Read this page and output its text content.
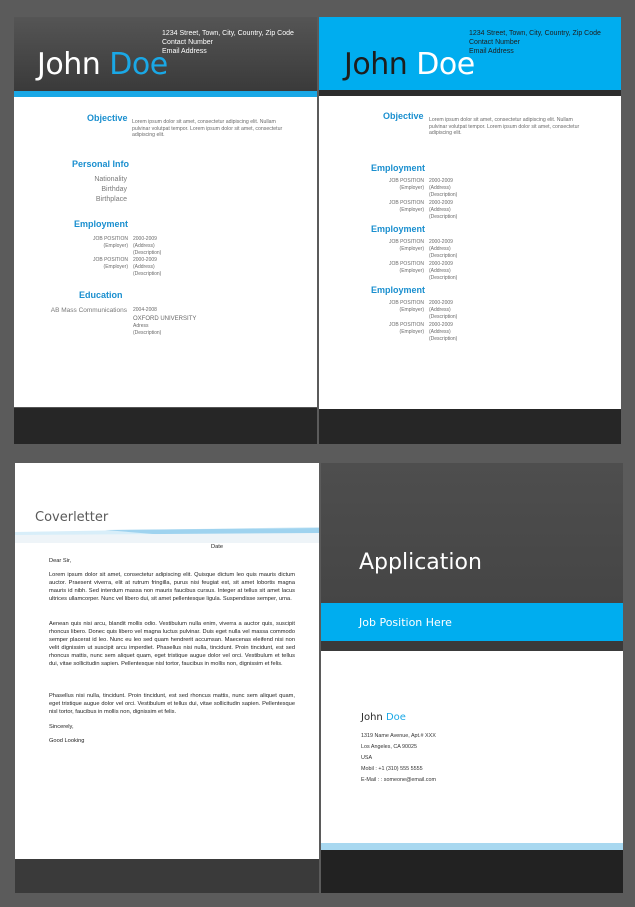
John Doe
1234 Street, Town, City, Country, Zip Code
Contact Number
Email Address
Objective Lorem ipsum dolor sit amet, consectetur adipiscing elit. Nullam pulvinar volutpat tempor. Lorem ipsum dolor sit amet, consectetur adipiscing elit.
Personal Info
Nationality
Birthday
Birthplace
Employment
JOB POSITION
(Employer)
2000-2009
(Address)
(Description)
JOB POSITION
(Employer)
2000-2009
(Address)
(Description)
Education
AB Mass Communications 2004-2008
OXFORD UNIVERSITY
Adress
(Description)
John Doe
1234 Street, Town, City, Country, Zip Code
Contact Number
Email Address
Objective Lorem ipsum dolor sit amet, consectetur adipiscing elit. Nullam pulvinar volutpat tempor. Lorem ipsum dolor sit amet, consectetur adipiscing elit.
Employment
JOB POSITION
(Employer)
2000-2009
(Address)
(Description)
JOB POSITION
(Employer)
2000-2009
(Address)
(Description)
Employment
JOB POSITION
(Employer)
2000-2009
(Address)
(Description)
JOB POSITION
(Employer)
2000-2009
(Address)
(Description)
Employment
JOB POSITION
(Employer)
2000-2009
(Address)
(Description)
JOB POSITION
(Employer)
2000-2009
(Address)
(Description)
Coverletter
Date
Dear Sir,
Lorem ipsum dolor sit amet, consectetur adipiscing elit. Quisque dictum leo quis mauris dictum auctor. Praesent viverra, elit at rutrum fringilla, purus nisi feugiat est, sit amet lobortis magna mauris id nibh. Sed interdum massa non mauris faucibus cursus. Integer at tellus sit amet lacus ultrices ullamcorper. Nunc vel libero dui, sit amet pellentesque ligula. Suspendisse semper, urna.
Aenean quis nisi arcu, blandit mollis odio. Vestibulum nulla enim, viverra a auctor quis, suscipit rhoncus libero. Donec quis libero vel magna luctus pulvinar. Duis eget nulla vel massa commodo semper placerat id leo. Nunc eu leo sed quam hendrerit accumsan. Maecenas eleifend nisi non velit dignissim ut suscipit arcu imperdiet. Phasellus nisi nulla, tincidunt. Proin tincidunt, est sed rhoncus mattis, nunc sem aliquet quam, eget tristique augue dolor vel orci. Vestibulum et tellus dui, vitae sollicitudin sapien. Pellentesque nisl tortor, faucibus in mollis non, dignissim et felis.
Phasellus nisi nulla, tincidunt. Proin tincidunt, est sed rhoncus mattis, nunc sem aliquet quam, eget tristique augue dolor vel orci. Vestibulum et tellus dui, vitae sollicitudin sapien. Pellentesque nisl tortor, faucibus in mollis non, dignissim et felis.
Sincerely,
Good Looking
Application
Job Position Here
John Doe
1319 Name Avenue, Apt.# XXX
Los Angeles, CA 90025
USA
Mobil : +1 (310) 555 5555
E-Mail : : someone@email.com
